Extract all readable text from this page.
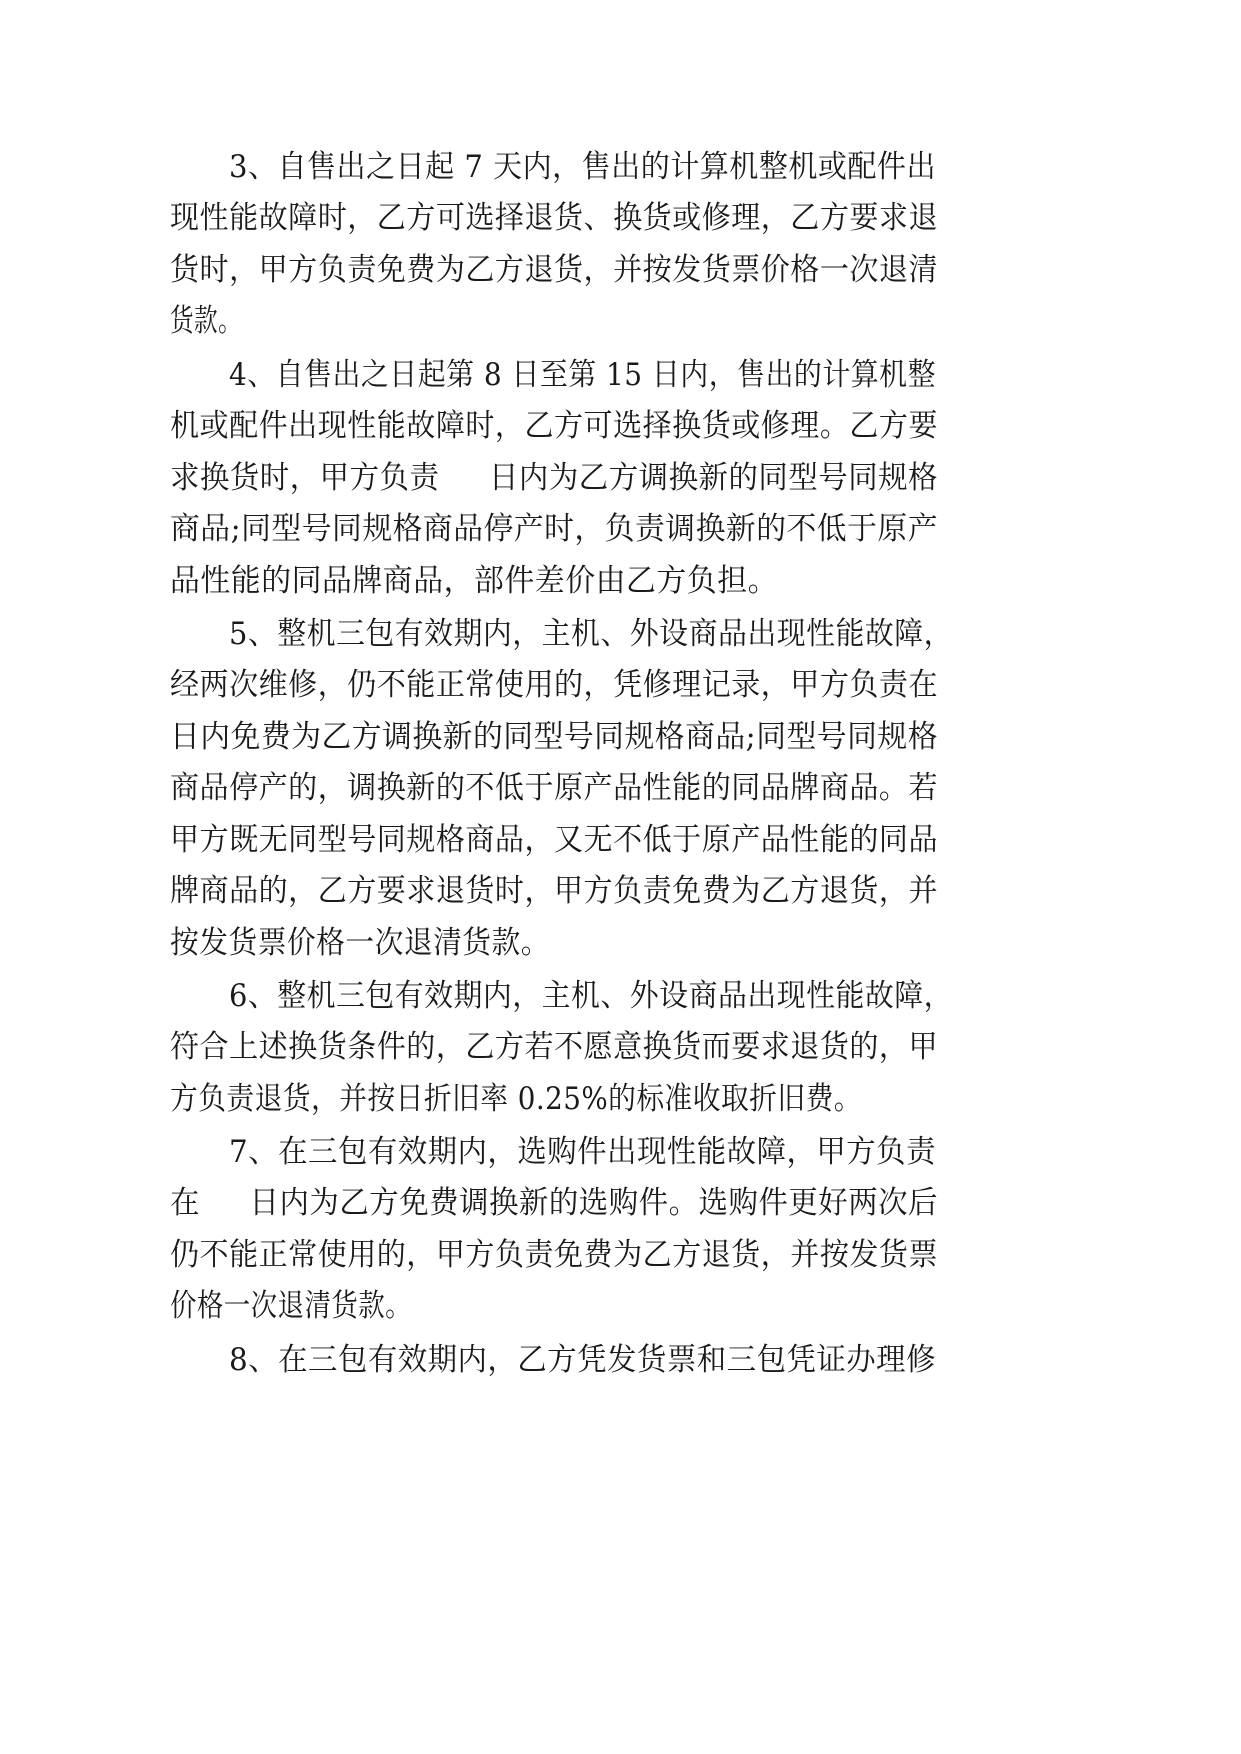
3、自售出之日起 7 天内，售出的计算机整机或配件出
现性能故障时，乙方可选择退货、换货或修理，乙方要求退
货时，甲方负责免费为乙方退货，并按发货票价格一次退清
货款。
4、自售出之日起第 8 日至第 15 日内，售出的计算机整
机或配件出现性能故障时，乙方可选择换货或修理。乙方要
求换货时，甲方负责 　 日内为乙方调换新的同型号同规格
商品;同型号同规格商品停产时，负责调换新的不低于原产
品性能的同品牌商品，部件差价由乙方负担。
5、整机三包有效期内，主机、外设商品出现性能故障，
经两次维修，仍不能正常使用的，凭修理记录，甲方负责在
日内免费为乙方调换新的同型号同规格商品;同型号同规格
商品停产的，调换新的不低于原产品性能的同品牌商品。若
甲方既无同型号同规格商品，又无不低于原产品性能的同品
牌商品的，乙方要求退货时，甲方负责免费为乙方退货，并
按发货票价格一次退清货款。
6、整机三包有效期内，主机、外设商品出现性能故障，
符合上述换货条件的，乙方若不愿意换货而要求退货的，甲
方负责退货，并按日折旧率 0.25%的标准收取折旧费。
7、在三包有效期内，选购件出现性能故障，甲方负责
在 　 日内为乙方免费调换新的选购件。选购件更好两次后
仍不能正常使用的，甲方负责免费为乙方退货，并按发货票
价格一次退清货款。
8、在三包有效期内，乙方凭发货票和三包凭证办理修
